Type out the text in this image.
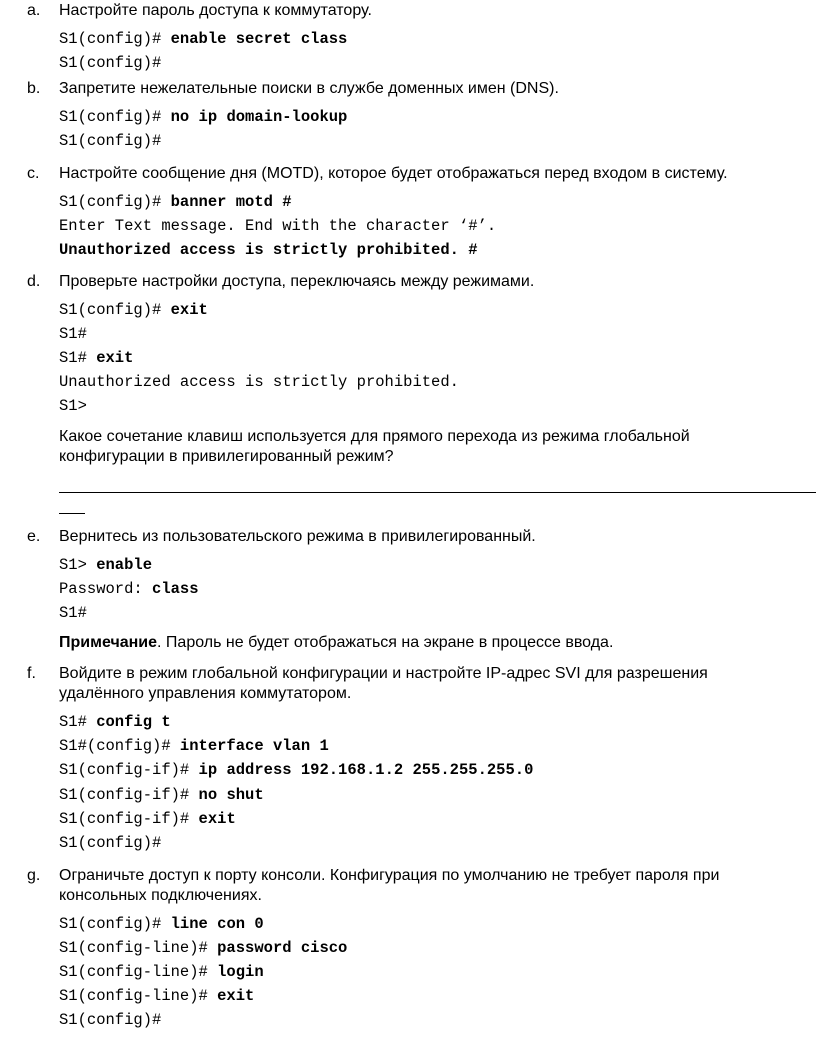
a. Настройте пароль доступа к коммутатору.
S1(config)# enable secret class
S1(config)#
b. Запретите нежелательные поиски в службе доменных имен (DNS).
S1(config)# no ip domain-lookup
S1(config)#
c. Настройте сообщение дня (MOTD), которое будет отображаться перед входом в систему.
S1(config)# banner motd #
Enter Text message. End with the character ‘#’.
Unauthorized access is strictly prohibited. #
d. Проверьте настройки доступа, переключаясь между режимами.
S1(config)# exit
S1#
S1# exit
Unauthorized access is strictly prohibited.
S1>
Какое сочетание клавиш используется для прямого перехода из режима глобальной
конфигурации в привилегированный режим?
e. Вернитесь из пользовательского режима в привилегированный.
S1> enable
Password: class
S1#
Примечание. Пароль не будет отображаться на экране в процессе ввода.
f. Войдите в режим глобальной конфигурации и настройте IP-адрес SVI для разрешения
удалённого управления коммутатором.
S1# config t
S1#(config)# interface vlan 1
S1(config-if)# ip address 192.168.1.2 255.255.255.0
S1(config-if)# no shut
S1(config-if)# exit
S1(config)#
g. Ограничьте доступ к порту консоли. Конфигурация по умолчанию не требует пароля при
консольных подключениях.
S1(config)# line con 0
S1(config-line)# password cisco
S1(config-line)# login
S1(config-line)# exit
S1(config)#
